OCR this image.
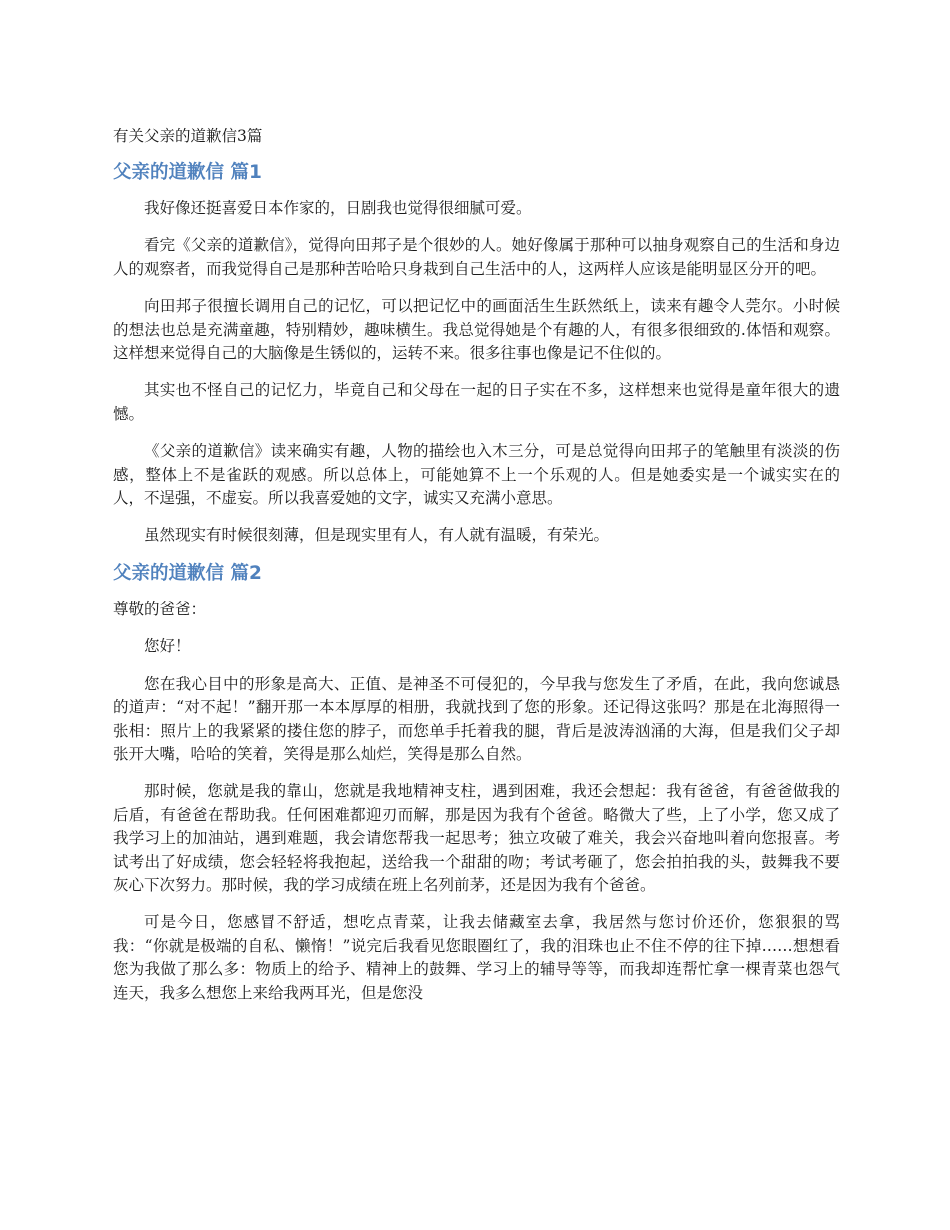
有关父亲的道歉信3篇
父亲的道歉信 篇1

我好像还挺喜爱日本作家的，日剧我也觉得很细腻可爱。

看完《父亲的道歉信》，觉得向田邦子是个很妙的人。她好像属于那种可以抽身观察自己的生活和身边人的观察者，而我觉得自己是那种苦哈哈只身栽到自己生活中的人，这两样人应该是能明显区分开的吧。

向田邦子很擅长调用自己的记忆，可以把记忆中的画面活生生跃然纸上，读来有趣令人莞尔。小时候的想法也总是充满童趣，特别精妙，趣味横生。我总觉得她是个有趣的人，有很多很细致的.体悟和观察。这样想来觉得自己的大脑像是生锈似的，运转不来。很多往事也像是记不住似的。

其实也不怪自己的记忆力，毕竟自己和父母在一起的日子实在不多，这样想来也觉得是童年很大的遗憾。

《父亲的道歉信》读来确实有趣，人物的描绘也入木三分，可是总觉得向田邦子的笔触里有淡淡的伤感，整体上不是雀跃的观感。所以总体上，可能她算不上一个乐观的人。但是她委实是一个诚实实在的人，不逞强，不虚妄。所以我喜爱她的文字，诚实又充满小意思。

虽然现实有时候很刻薄，但是现实里有人，有人就有温暖，有荣光。

父亲的道歉信 篇2

尊敬的爸爸：

您好！

您在我心目中的形象是高大、正值、是神圣不可侵犯的，今早我与您发生了矛盾，在此，我向您诚恳的道声：“对不起！”翻开那一本本厚厚的相册，我就找到了您的形象。还记得这张吗？那是在北海照得一张相：照片上的我紧紧的搂住您的脖子，而您单手托着我的腿，背后是波涛汹涌的大海，但是我们父子却张开大嘴，哈哈的笑着，笑得是那么灿烂，笑得是那么自然。

那时候，您就是我的靠山，您就是我地精神支柱，遇到困难，我还会想起：我有爸爸，有爸爸做我的后盾，有爸爸在帮助我。任何困难都迎刃而解，那是因为我有个爸爸。略微大了些，上了小学，您又成了我学习上的加油站，遇到难题，我会请您帮我一起思考；独立攻破了难关，我会兴奋地叫着向您报喜。考试考出了好成绩，您会轻轻将我抱起，送给我一个甜甜的吻；考试考砸了，您会拍拍我的头，鼓舞我不要灰心下次努力。那时候，我的学习成绩在班上名列前茅，还是因为我有个爸爸。

可是今日，您感冒不舒适，想吃点青菜，让我去储藏室去拿，我居然与您讨价还价，您狠狠的骂我：“你就是极端的自私、懒惰！”说完后我看见您眼圈红了，我的泪珠也止不住不停的往下掉……想想看您为我做了那么多：物质上的给予、精神上的鼓舞、学习上的辅导等等，而我却连帮忙拿一棵青菜也怨气连天，我多么想您上来给我两耳光，但是您没
